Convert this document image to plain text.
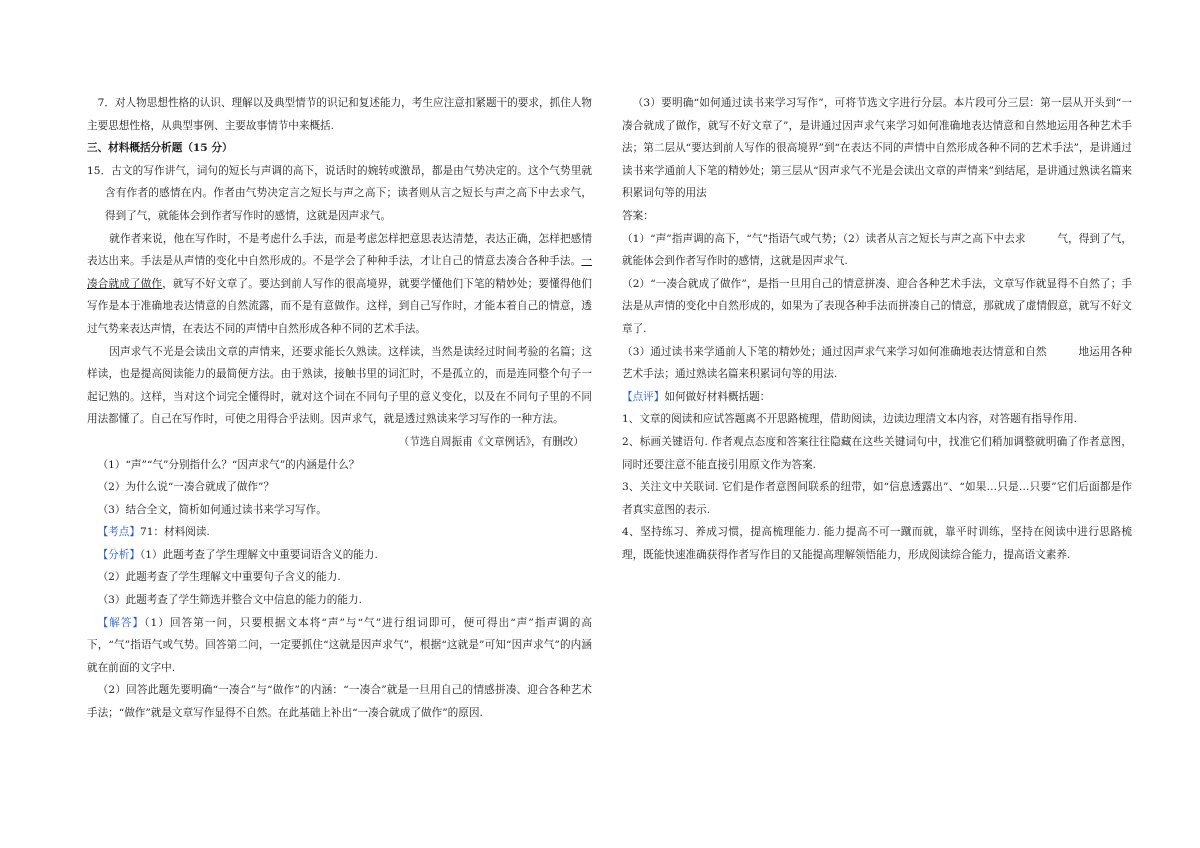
7．对人物思想性格的认识、理解以及典型情节的识记和复述能力，考生应注意扣紧题干的要求，抓住人物主要思想性格，从典型事例、主要故事情节中来概括.

三、材料概括分析题（15 分）

15．古文的写作讲气，词句的短长与声调的高下，说话时的婉转或激昂，都是由气势决定的。这个气势里就含有作者的感情在内。作者由气势决定言之短长与声之高下；读者则从言之短长与声之高下中去求气，得到了气，就能体会到作者写作时的感情，这就是因声求气。

就作者来说，他在写作时，不是考虑什么手法，而是考虑怎样把意思表达清楚，表达正确，怎样把感情表达出来。手法是从声情的变化中自然形成的。不是学会了种种手法，才让自己的情意去凑合各种手法。一凑合就成了做作，就写不好文章了。要达到前人写作的很高境界，就要学懂他们下笔的精妙处；要懂得他们写作是本于准确地表达情意的自然流露，而不是有意做作。这样，到自己写作时，才能本着自己的情意，透过气势来表达声情，在表达不同的声情中自然形成各种不同的艺术手法。

因声求气不光是会读出文章的声情来，还要求能长久熟读。这样读，当然是读经过时间考验的名篇；这样读，也是提高阅读能力的最简便方法。由于熟读，接触书里的词汇时，不是孤立的，而是连同整个句子一起记熟的。这样，当对这个词完全懂得时，就对这个词在不同句子里的意义变化，以及在不同句子里的不同用法都懂了。自己在写作时，可使之用得合乎法则。因声求气，就是透过熟读来学习写作的一种方法。

（节选自周振甫《文章例话》，有删改）

（1）“声”“气”分别指什么？“因声求气”的内涵是什么？

（2）为什么说“一凑合就成了做作”？

（3）结合全文，简析如何通过读书来学习写作。

【考点】71：材料阅读.

【分析】（1）此题考查了学生理解文中重要词语含义的能力.

（2）此题考查了学生理解文中重要句子含义的能力.

（3）此题考查了学生筛选并整合文中信息的能力的能力.

【解答】（1）回答第一问，只要根据文本将“声”与“气”进行组词即可，便可得出“声”指声调的高下，“气”指语气或气势。回答第二问，一定要抓住“这就是因声求气”，根据“这就是”可知“因声求气”的内涵就在前面的文字中.

（2）回答此题先要明确“一凑合”与“做作”的内涵：“一凑合”就是一旦用自己的情感拼凑、迎合各种艺术手法；“做作”就是文章写作显得不自然。在此基础上补出“一凑合就成了做作”的原因.

（3）要明确“如何通过读书来学习写作”，可将节选文字进行分层。本片段可分三层：第一层从开头到“一凑合就成了做作，就写不好文章了”，是讲通过因声求气来学习如何准确地表达情意和自然地运用各种艺术手法；第二层从“要达到前人写作的很高境界”到“在表达不同的声情中自然形成各种不同的艺术手法”，是讲通过读书来学通前人下笔的精妙处；第三层从“因声求气不光是会读出文章的声情来”到结尾，是讲通过熟读名篇来积累词句等的用法

答案：

（1）“声”指声调的高下，“气”指语气或气势；（2）读者从言之短长与声之高下中去求	气，得到了气，就能体会到作者写作时的感情，这就是因声求气.

（2）“一凑合就成了做作”，是指一旦用自己的情意拼凑、迎合各种艺术手法，文章写作就显得不自然了；手法是从声情的变化中自然形成的，如果为了表现各种手法而拼凑自己的情意，那就成了虚情假意，就写不好文章了.

（3）通过读书来学通前人下笔的精妙处；通过因声求气来学习如何准确地表达情意和自然	地运用各种艺术手法；通过熟读名篇来积累词句等的用法.

【点评】如何做好材料概括题：

1、文章的阅读和应试答题离不开思路梳理，借助阅读，边读边理清文本内容，对答题有指导作用.

2、标画关键语句. 作者观点态度和答案往往隐藏在这些关键词句中，找准它们稍加调整就明确了作者意图，同时还要注意不能直接引用原文作为答案.

3、关注文中关联词. 它们是作者意图间联系的纽带，如“信息透露出”、“如果…只是…只要”它们后面都是作者真实意图的表示.

4、坚持练习、养成习惯，提高梳理能力. 能力提高不可一蹴而就，靠平时训练，坚持在阅读中进行思路梳理，既能快速准确获得作者写作目的又能提高理解领悟能力，形成阅读综合能力，提高语文素养.
